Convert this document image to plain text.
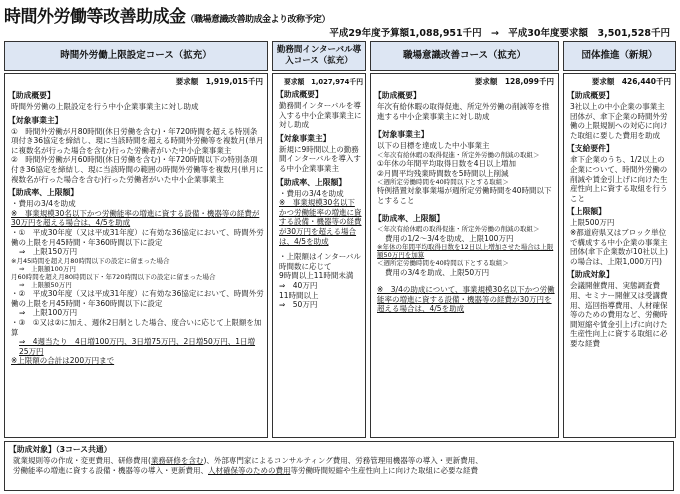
時間外労働等改善助成金（職場意識改善助成金より改称予定）
平成29年度予算額1,088,951千円 → 平成30年度要求額　 3,501,528千円
時間外労働上限設定コース（拡充）
要求額　1,919,015千円
【助成概要】
時間外労働の上限設定を行う中小企業事業主に対し助成
【対象事業主】
①　時間外労働が月80時間(休日労働を含む)・年720時間を超える特別条項付き36協定を締結し、現に当該時間を超える時間外労働等を複数月(単月に複数名が行った場合を含む)行った労働者がいた中小企業事業主
②　時間外労働が月60時間(休日労働を含む)・年720時間以下の特別条項付き36協定を締結し、現に当該時間の範囲の時間外労働等を複数月(単月に複数名が行った場合を含む)行った労働者がいた中小企業事業主
【助成率、上限額】
・費用の3/4を助成
※　事業規模30名以下かつ労働能率の増進に資する設備・機器等の経費が30万円を超える場合は、4/5を助成
・①　平成30年度（又は平成31年度）に有効な36協定において、時間外労働の上限を月45時間・年360時間以下に設定
⇒　上限150万円
※月45時間を超え月80時間以下の設定に留まった場合
⇒　上限額100万円
月60時間を超え月80時間以下・年720時間以下の設定に留まった場合
⇒　上限額50万円
・②　平成30年度（又は平成31年度）に有効な36協定において、時間外労働の上限を月45時間・年360時間以下に設定
⇒　上限100万円
・③　①又は②に加え、週休2日制とした場合、度合いに応じて上限額を加算
⇒　4週当たり　4日増100万円、3日増75万円、2日増50万円、1日増25万円
※上限額の合計は200万円まで
勤務間インターバル導入コース（拡充）
要求額　1,027,974千円
【助成概要】
勤務間インターバルを導入する中小企業事業主に対し助成
【対象事業主】
新規に9時間以上の勤務間インターバルを導入する中小企業事業主
【助成率、上限額】
・費用の3/4を助成
※　事業規模30名以下かつ労働能率の増進に資する設備・機器等の経費が30万円を超える場合は、4/5を助成
・上限額はインターバル時間数に応じて
9時間以上11時間未満
⇒　40万円
11時間以上
⇒　50万円
職場意識改善コース（拡充）
要求額　128,099千円
【助成概要】
年次有給休暇の取得促進、所定外労働の削減等を推進する中小企業事業主に対し助成
【対象事業主】
以下の目標を達成した中小事業主
＜年次有給休暇の取得促進・所定外労働の削減の取組＞
①年休の年間平均取得日数を4日以上増加
②月間平均残業時間数を5時間以上削減
＜週所定労働時間を40時間以下とする取組＞
特例措置対象事業場が週所定労働時間を40時間以下とすること
【助成率、上限額】
＜年次有給休暇の取得促進・所定外労働の削減の取組＞
費用の1/2～3/4を助成、上限100万円
※年休の年間平均取得日数を12日以上増加させた場合は上限額50万円を加算
＜週所定労働時間を40時間以下とする取組＞
費用の3/4を助成、上限50万円
※　3/4の助成について、事業規模30名以下かつ労働能率の増進に資する設備・機器等の経費が30万円を超える場合は、4/5を助成
団体推進（新規）
要求額　426,440千円
【助成概要】
3社以上の中小企業の事業主団体が、傘下企業の時間外労働の上限規制への対応に向けた取組に要した費用を助成
【支給要件】
傘下企業のうち、1/2以上の企業について、時間外労働の削減や賃金引上げに向けた生産性向上に資する取組を行うこと
【上限額】
上限500万円
※都道府県又はブロック単位で構成する中小企業の事業主団体(傘下企業数が10社以上)の場合は、上限1,000万円)
【助成対象】
会議開催費用、実態調査費用、セミナー開催又は受講費用、巡回指導費用、人材確保等のための費用など、労働時間短縮や賃金引上げに向けた生産性向上に資する取組に必要な経費
【助成対象】（3コース共通）
就業規則等の作成・変更費用、研修費用(業務研修を含む)、外部専門家によるコンサルティング費用、労務管理用機器等の導入・更新費用、
労働能率の増進に資する設備・機器等の導入・更新費用、人材確保等のための費用等労働時間短縮や生産性向上に向けた取組に必要な経費
